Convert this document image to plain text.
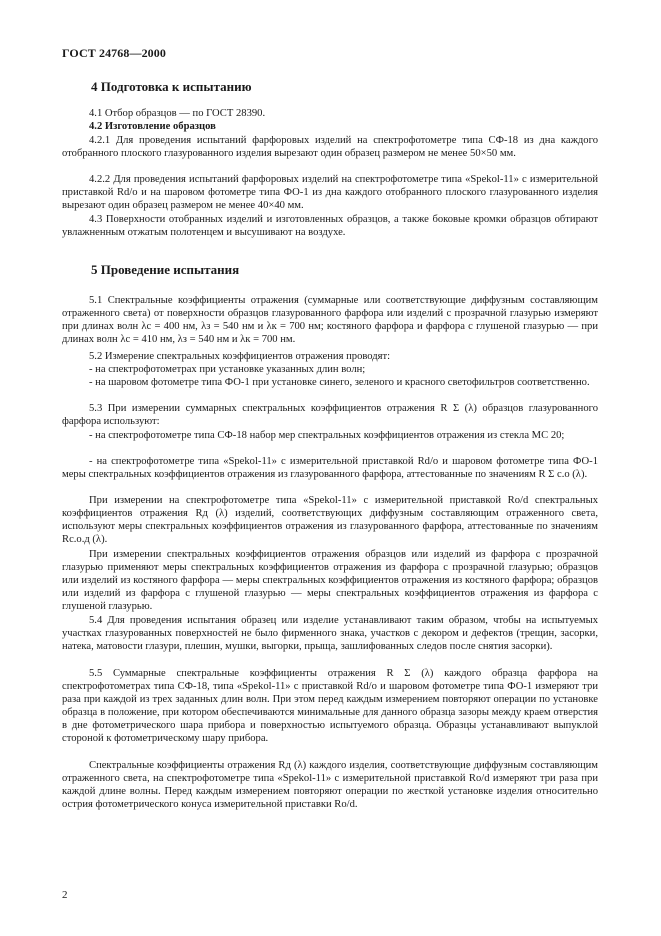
ГОСТ 24768—2000
4 Подготовка к испытанию

4.1 Отбор образцов — по ГОСТ 28390.

4.2 Изготовление образцов

4.2.1 Для проведения испытаний фарфоровых изделий на спектрофотометре типа СФ-18 из дна каждого отобранного плоского глазурованного изделия вырезают один образец размером не менее 50×50 мм.

4.2.2 Для проведения испытаний фарфоровых изделий на спектрофотометре типа «Spekol-11» с измерительной приставкой Rd/o и на шаровом фотометре типа ФО-1 из дна каждого отобранного плоского глазурованного изделия вырезают один образец размером не менее 40×40 мм.

4.3 Поверхности отобранных изделий и изготовленных образцов, а также боковые кромки образцов обтирают увлажненным отжатым полотенцем и высушивают на воздухе.

5 Проведение испытания

5.1 Спектральные коэффициенты отражения (суммарные или соответствующие диффузным составляющим отраженного света) от поверхности образцов глазурованного фарфора или изделий с прозрачной глазурью измеряют при длинах волн λс = 400 нм, λз = 540 нм и λк = 700 нм; костяного фарфора и фарфора с глушеной глазурью — при длинах волн λс = 410 нм, λз = 540 нм и λк = 700 нм.

5.2 Измерение спектральных коэффициентов отражения проводят:

- на спектрофотометрах при установке указанных длин волн;

- на шаровом фотометре типа ФО-1 при установке синего, зеленого и красного светофильтров соответственно.

5.3 При измерении суммарных спектральных коэффициентов отражения R Σ (λ) образцов глазурованного фарфора используют:

- на спектрофотометре типа СФ-18 набор мер спектральных коэффициентов отражения из стекла МС 20;

- на спектрофотометре типа «Spekol-11» с измерительной приставкой Rd/o и шаровом фотометре типа ФО-1 меры спектральных коэффициентов отражения из глазурованного фарфора, аттестованные по значениям R Σ с.о (λ).

При измерении на спектрофотометре типа «Spekol-11» с измерительной приставкой Ro/d спектральных коэффициентов отражения Rд (λ) изделий, соответствующих диффузным составляющим отраженного света, используют меры спектральных коэффициентов отражения из глазурованного фарфора, аттестованные по значениям Rс.о.д (λ).

При измерении спектральных коэффициентов отражения образцов или изделий из фарфора с прозрачной глазурью применяют меры спектральных коэффициентов отражения из фарфора с прозрачной глазурью; образцов или изделий из костяного фарфора — меры спектральных коэффициентов отражения из костяного фарфора; образцов или изделий из фарфора с глушеной глазурью — меры спектральных коэффициентов отражения из фарфора с глушеной глазурью.

5.4 Для проведения испытания образец или изделие устанавливают таким образом, чтобы на испытуемых участках глазурованных поверхностей не было фирменного знака, участков с декором и дефектов (трещин, засорки, натека, матовости глазури, плешин, мушки, выгорки, прыща, зашлифованных следов после снятия засорки).

5.5 Суммарные спектральные коэффициенты отражения R Σ (λ) каждого образца фарфора на спектрофотометрах типа СФ-18, типа «Spekol-11» с приставкой Rd/o и шаровом фотометре типа ФО-1 измеряют три раза при каждой из трех заданных длин волн. При этом перед каждым измерением повторяют операции по установке образца в положение, при котором обеспечиваются минимальные для данного образца зазоры между краем отверстия в дне фотометрического шара прибора и поверхностью испытуемого образца. Образцы устанавливают выпуклой стороной к фотометрическому шару прибора.

Спектральные коэффициенты отражения Rд (λ) каждого изделия, соответствующие диффузным составляющим отраженного света, на спектрофотометре типа «Spekol-11» с измерительной приставкой Ro/d измеряют три раза при каждой длине волны. Перед каждым измерением повторяют операции по жесткой установке изделия относительно острия фотометрического конуса измерительной приставки Ro/d.

2
